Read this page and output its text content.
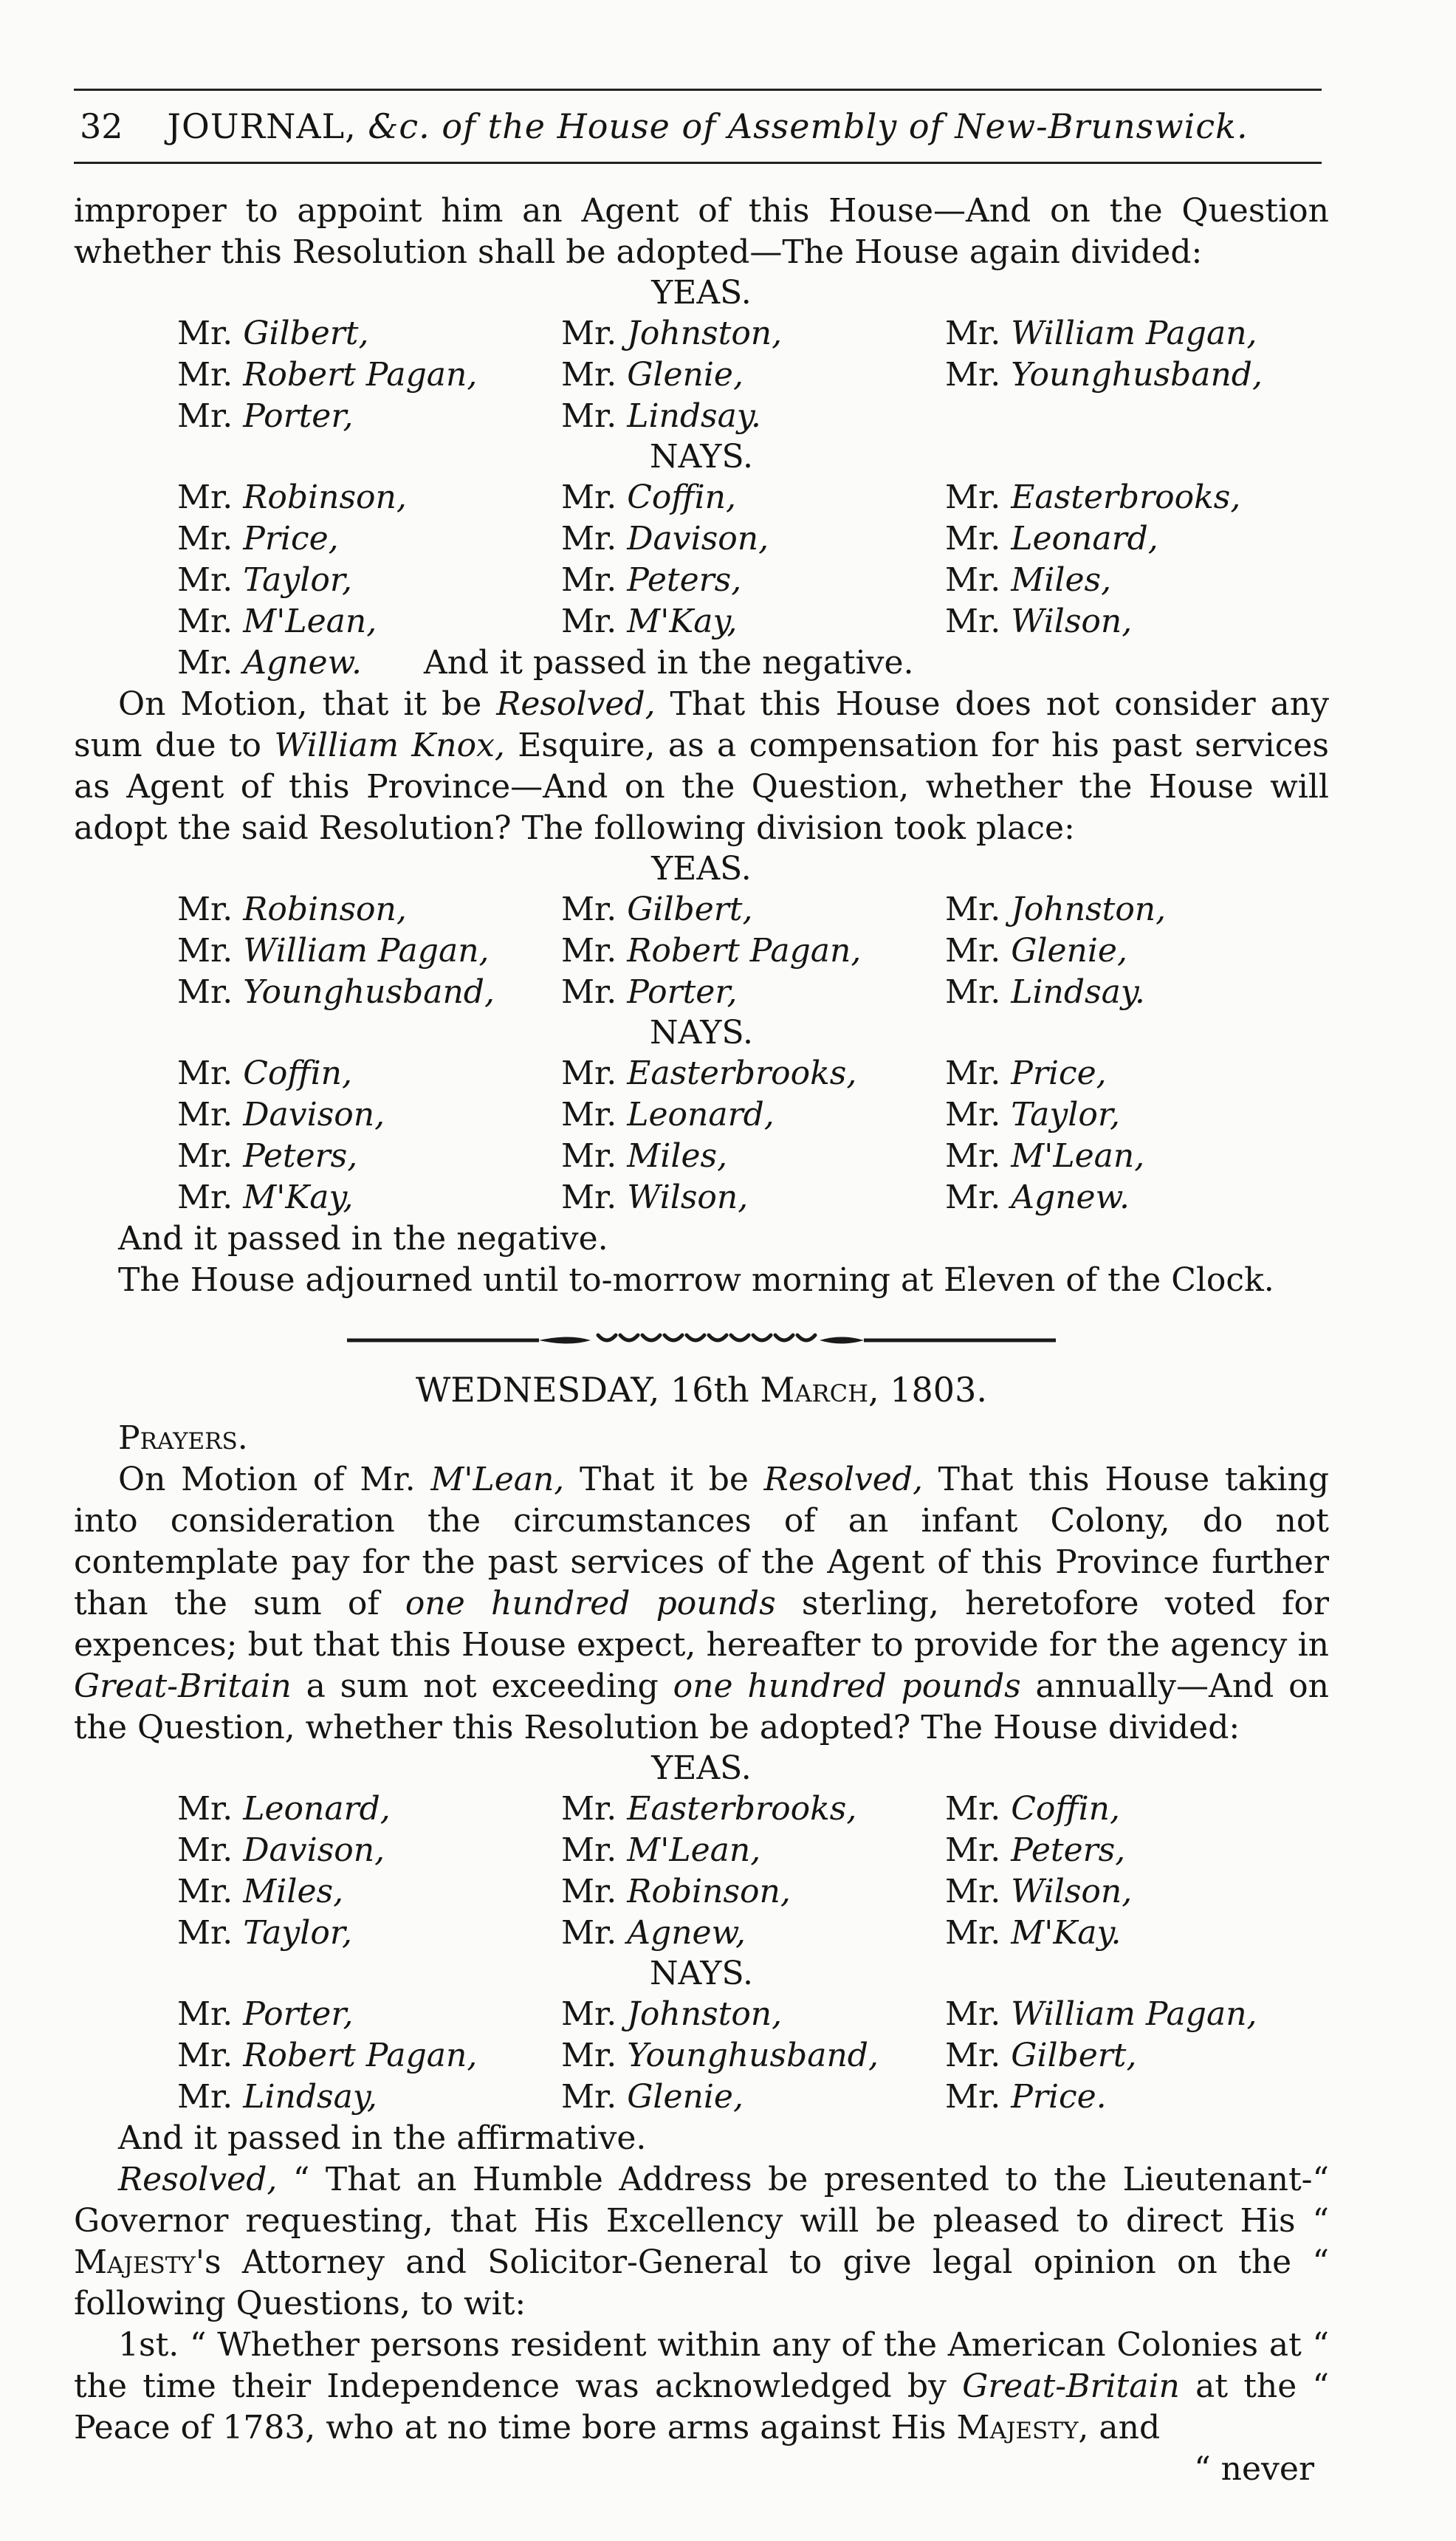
32 JOURNAL, &c. of the House of Assembly of New-Brunswick.
improper to appoint him an Agent of this House—And on the Question whether this Resolution shall be adopted—The House again divided:
YEAS.
Mr. Gilbert,	Mr. Johnston,	Mr. William Pagan,
Mr. Robert Pagan,	Mr. Glenie,	Mr. Younghusband,
Mr. Porter,	Mr. Lindsay.
NAYS.
Mr. Robinson,	Mr. Coffin,	Mr. Easterbrooks,
Mr. Price,	Mr. Davison,	Mr. Leonard,
Mr. Taylor,	Mr. Peters,	Mr. Miles,
Mr. M'Lean,	Mr. M'Kay,	Mr. Wilson,
Mr. Agnew. And it passed in the negative.
On Motion, that it be Resolved, That this House does not consider any sum due to William Knox, Esquire, as a compensation for his past services as Agent of this Province—And on the Question, whether the House will adopt the said Resolution? The following division took place:
YEAS.
Mr. Robinson,	Mr. Gilbert,	Mr. Johnston,
Mr. William Pagan,	Mr. Robert Pagan,	Mr. Glenie,
Mr. Younghusband,	Mr. Porter,	Mr. Lindsay.
NAYS.
Mr. Coffin,	Mr. Easterbrooks,	Mr. Price,
Mr. Davison,	Mr. Leonard,	Mr. Taylor,
Mr. Peters,	Mr. Miles,	Mr. M'Lean,
Mr. M'Kay,	Mr. Wilson,	Mr. Agnew.
And it passed in the negative.
The House adjourned until to-morrow morning at Eleven of the Clock.
WEDNESDAY, 16th March, 1803.
Prayers.
On Motion of Mr. M'Lean, That it be Resolved, That this House taking into consideration the circumstances of an infant Colony, do not contemplate pay for the past services of the Agent of this Province further than the sum of one hundred pounds sterling, heretofore voted for expences; but that this House expect, hereafter to provide for the agency in Great-Britain a sum not exceeding one hundred pounds annually—And on the Question, whether this Resolution be adopted? The House divided:
YEAS.
Mr. Leonard,	Mr. Easterbrooks,	Mr. Coffin,
Mr. Davison,	Mr. M'Lean,	Mr. Peters,
Mr. Miles,	Mr. Robinson,	Mr. Wilson,
Mr. Taylor,	Mr. Agnew,	Mr. M'Kay.
NAYS.
Mr. Porter,	Mr. Johnston,	Mr. William Pagan,
Mr. Robert Pagan,	Mr. Younghusband,	Mr. Gilbert,
Mr. Lindsay,	Mr. Glenie,	Mr. Price.
And it passed in the affirmative.
Resolved, “ That an Humble Address be presented to the Lieutenant-“ Governor requesting, that His Excellency will be pleased to direct His “ Majesty's Attorney and Solicitor-General to give legal opinion on the “ following Questions, to wit:
1st. “ Whether persons resident within any of the American Colonies at “ the time their Independence was acknowledged by Great-Britain at the “ Peace of 1783, who at no time bore arms against His Majesty, and
“ never
